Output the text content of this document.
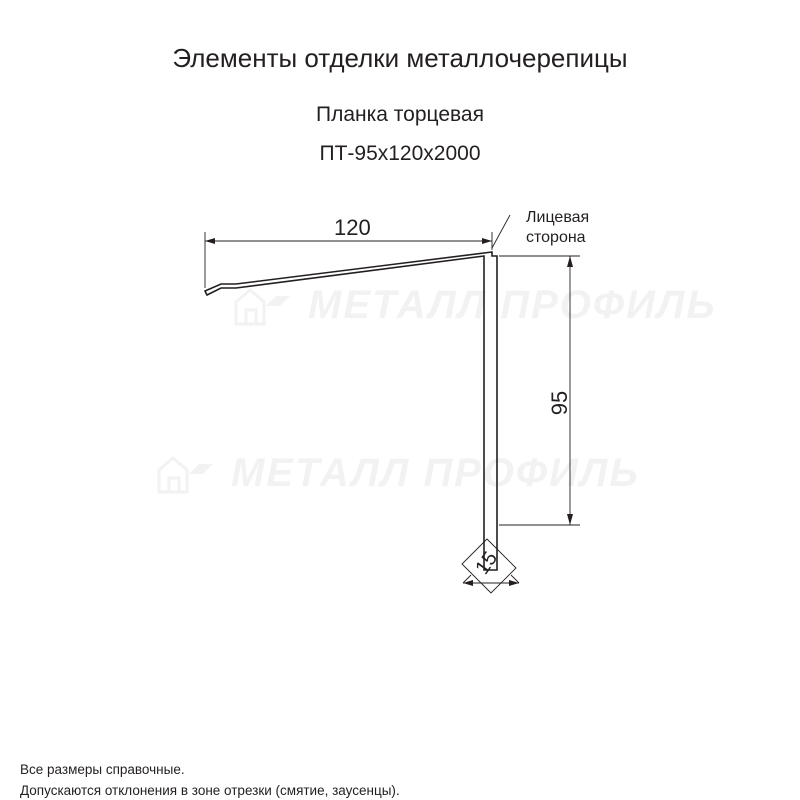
Элементы отделки металлочерепицы
Планка торцевая
ПТ-95x120x2000
МЕТАЛЛ ПРОФИЛЬ
МЕТАЛЛ ПРОФИЛЬ
120
95
15
Лицевая
сторона
Все размеры справочные.
Допускаются отклонения в зоне отрезки (смятие, заусенцы).
